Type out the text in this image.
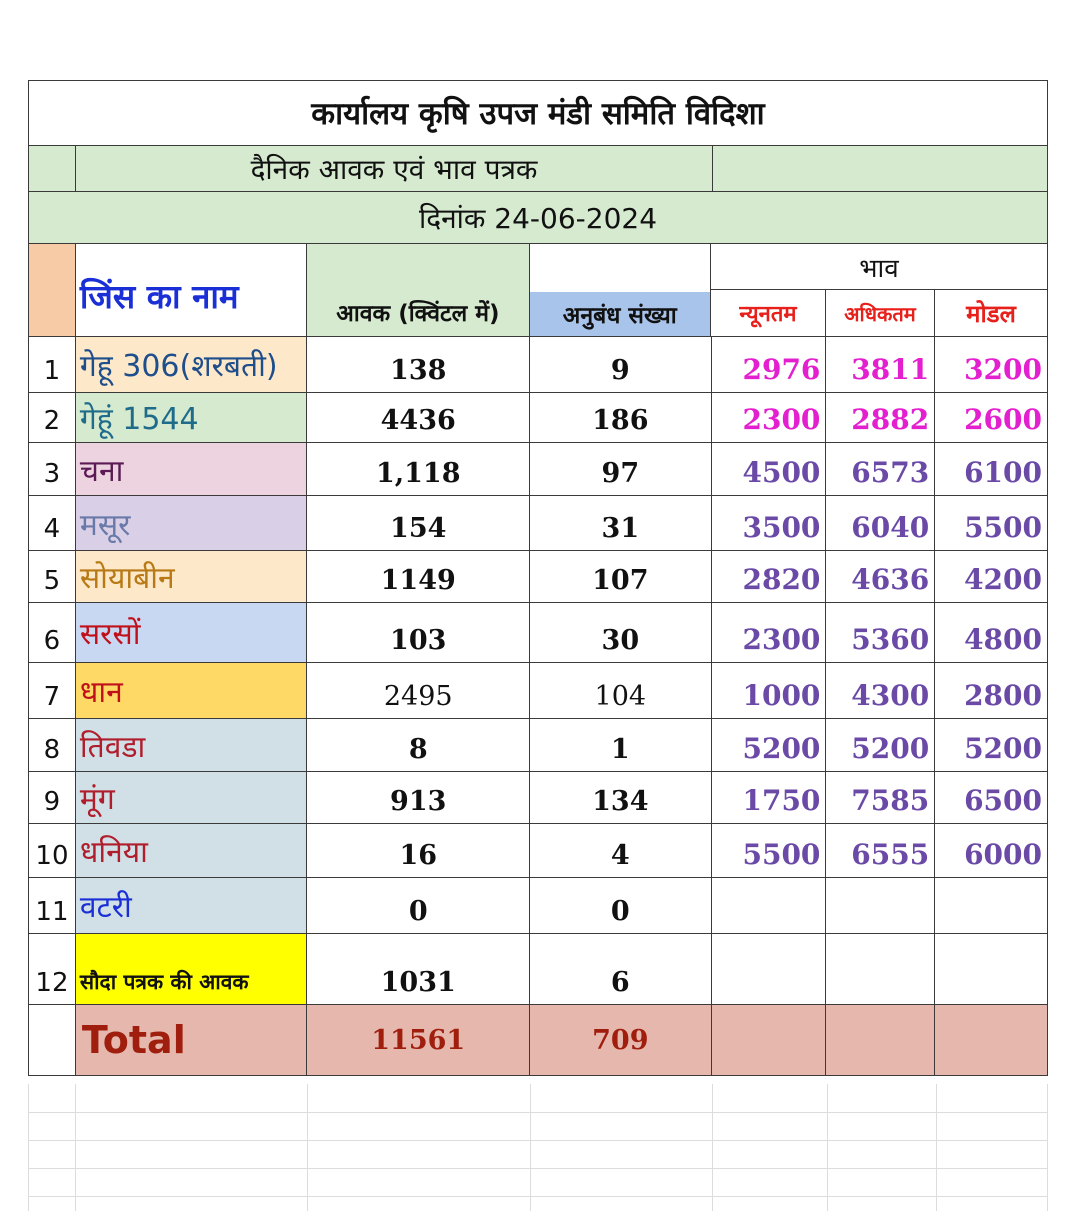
कार्यालय कृषि उपज मंडी समिति विदिशा
दैनिक आवक एवं भाव पत्रक
दिनांक 24-06-2024
जिंस का नाम	आवक (क्विंटल में)	अनुबंध संख्या
भाव
न्यूनतम	अधिकतम	मोडल
1 गेहू 306(शरबती)	138	9	2976	3811	3200
2 गेहूं 1544	4436	186	2300	2882	2600
3 चना	1,118	97	4500	6573	6100
4 मसूर	154	31	3500	6040	5500
5 सोयाबीन	1149	107	2820	4636	4200
6 सरसों	103	30	2300	5360	4800
7 धान	2495	104	1000	4300	2800
8 तिवडा	8	1	5200	5200	5200
9 मूंग	913	134	1750	7585	6500
10 धनिया	16	4	5500	6555	6000
11 वटरी	0	0
12 सौदा पत्रक की आवक	1031	6
Total	11561	709
